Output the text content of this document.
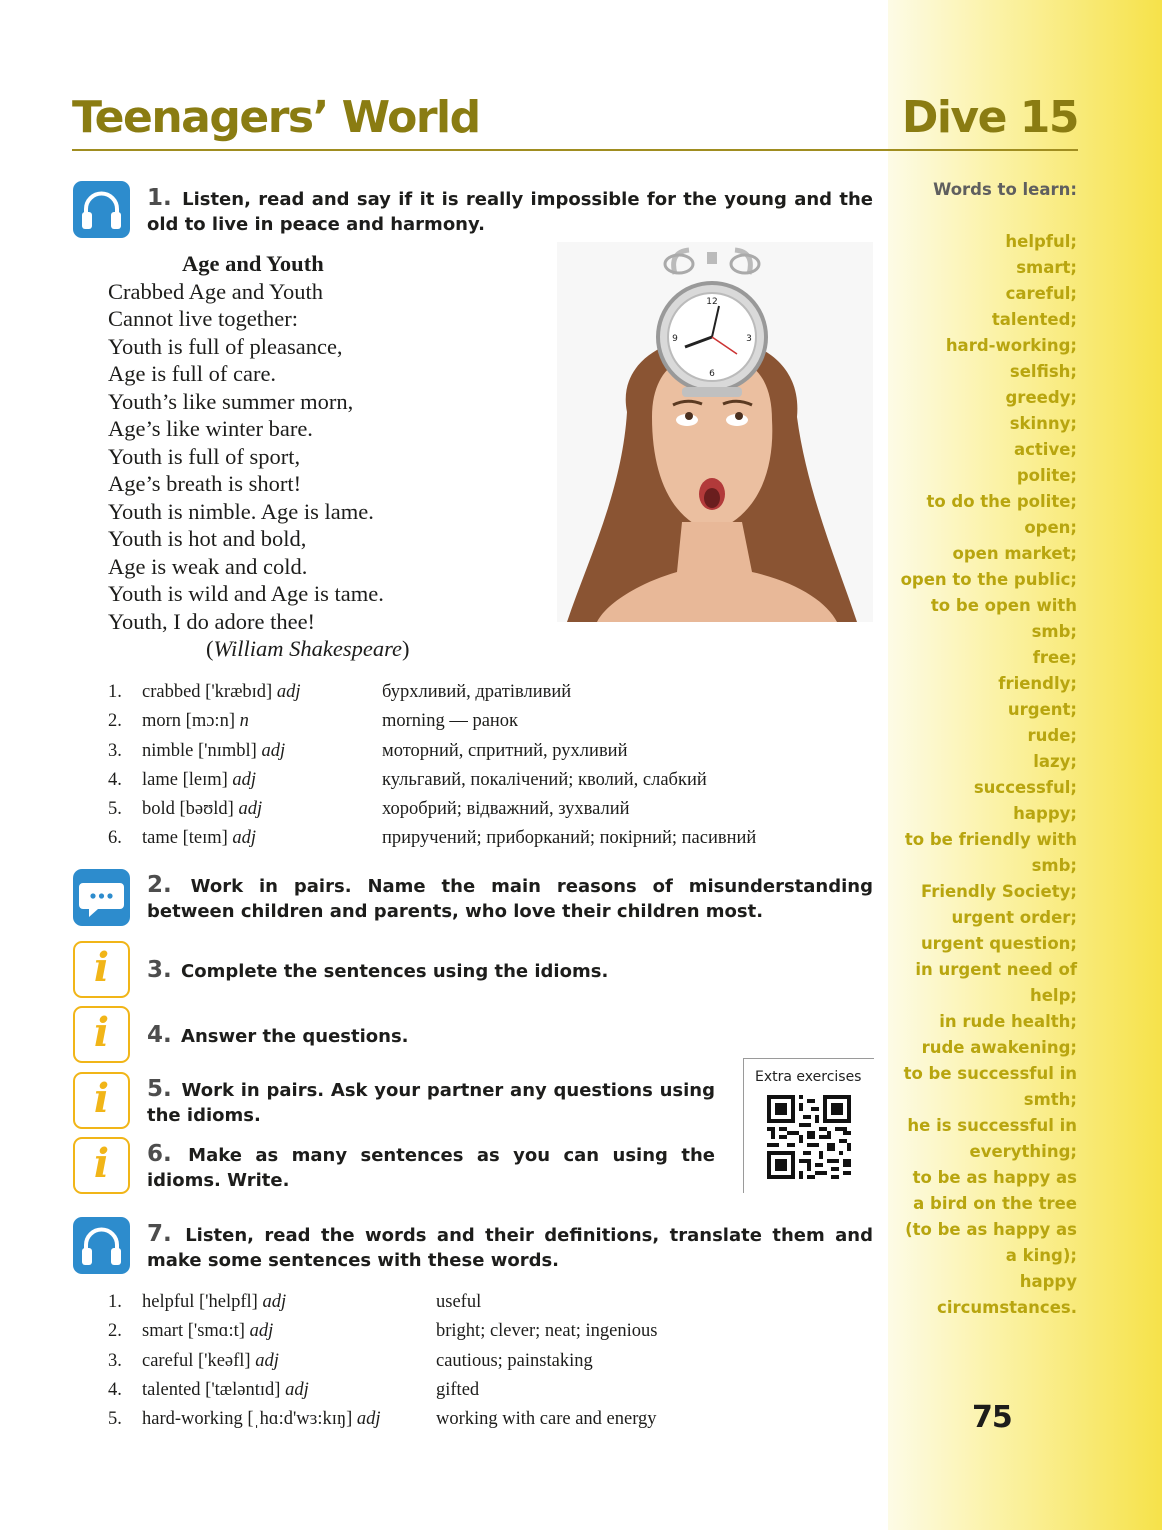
Teenagers’ World	Dive 15
1. Listen, read and say if it is really impossible for the young and the old to live in peace and harmony.
Age and Youth
Crabbed Age and Youth
Cannot live together:
Youth is full of pleasance,
Age is full of care.
Youth’s like summer morn,
Age’s like winter bare.
Youth is full of sport,
Age’s breath is short!
Youth is nimble. Age is lame.
Youth is hot and bold,
Age is weak and cold.
Youth is wild and Age is tame.
Youth, I do adore thee!
(William Shakespeare)
12
3
6
9
1. crabbed ['kræbɪd] adj	бурхливий, дратівливий
2. morn [mɔ:n] n	morning — ранок
3. nimble ['nɪmbl] adj	моторний, спритний, рухливий
4. lame [leɪm] adj	кульгавий, покалічений; кволий, слабкий
5. bold [bəʊld] adj	хоробрий; відважний, зухвалий
6. tame [teɪm] adj	приручений; приборканий; покірний; пасивний
2. Work in pairs. Name the main reasons of misunderstanding between children and parents, who love their children most.
i	3. Complete the sentences using the idioms.
i	4. Answer the questions.
i	5. Work in pairs. Ask your partner any questions using the idioms.
i	6. Make as many sentences as you can using the idioms. Write.
Extra exercises
7. Listen, read the words and their definitions, translate them and make some sentences with these words.
1. helpful ['helpfl] adj	useful
2. smart ['smɑ:t] adj	bright; clever; neat; ingenious
3. careful ['keəfl] adj	cautious; painstaking
4. talented ['tæləntɪd] adj	gifted
5. hard-working [ˌhɑ:d'wɜ:kɪŋ] adj	working with care and energy
Words to learn:
helpful;
smart;
careful;
talented;
hard-working;
selfish;
greedy;
skinny;
active;
polite;
to do the polite;
open;
open market;
open to the public;
to be open with
smb;
free;
friendly;
urgent;
rude;
lazy;
successful;
happy;
to be friendly with
smb;
Friendly Society;
urgent order;
urgent question;
in urgent need of
help;
in rude health;
rude awakening;
to be successful in
smth;
he is successful in
everything;
to be as happy as
a bird on the tree
(to be as happy as
a king);
happy
circumstances.
75
